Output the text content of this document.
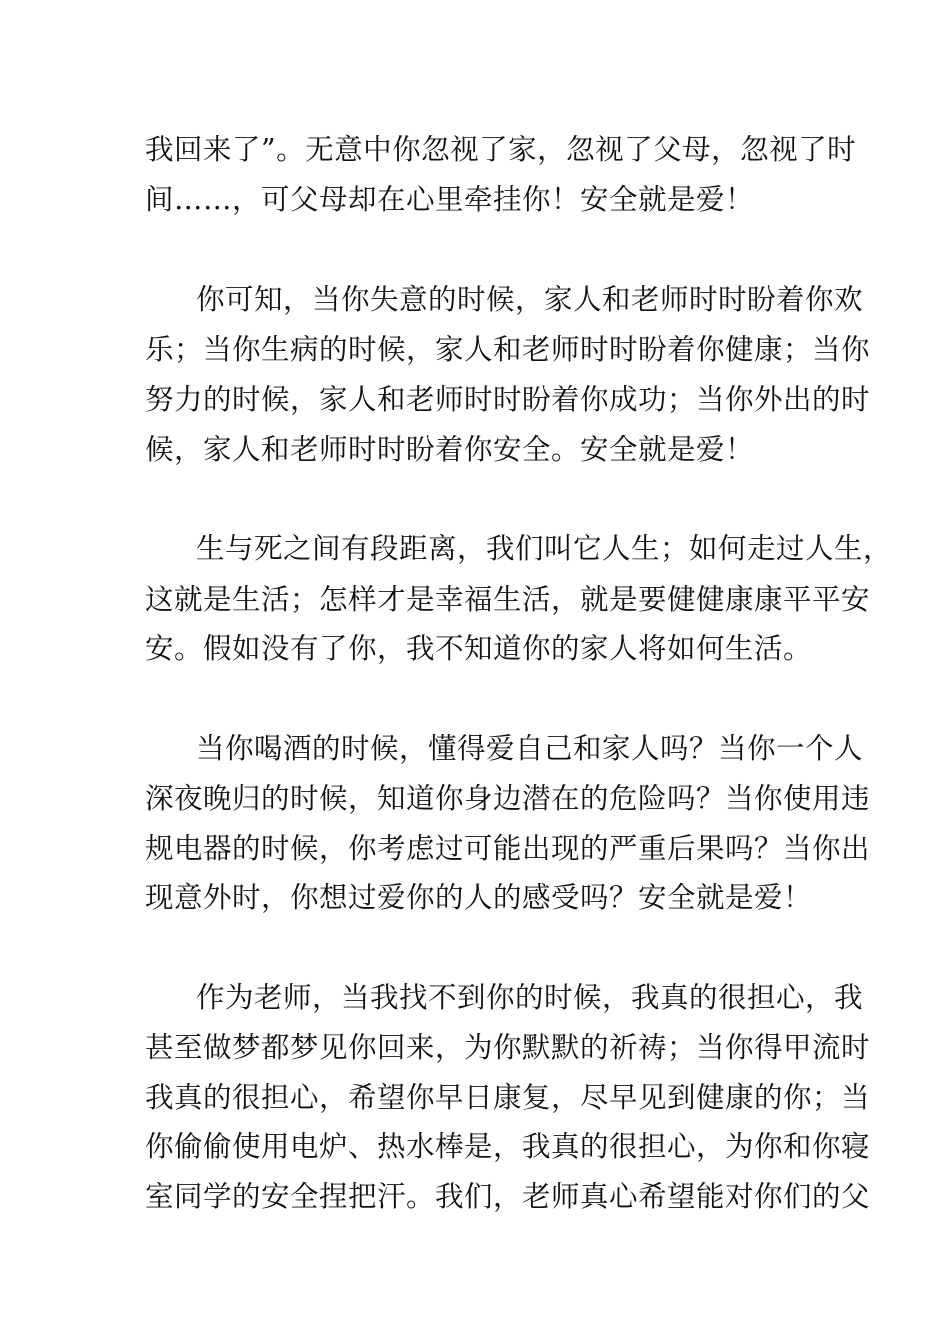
我回来了”。无意中你忽视了家，忽视了父母，忽视了时
间……，可父母却在心里牵挂你！安全就是爱！
你可知，当你失意的时候，家人和老师时时盼着你欢
乐；当你生病的时候，家人和老师时时盼着你健康；当你
努力的时候，家人和老师时时盼着你成功；当你外出的时
候，家人和老师时时盼着你安全。安全就是爱！
生与死之间有段距离，我们叫它人生；如何走过人生，
这就是生活；怎样才是幸福生活，就是要健健康康平平安
安。假如没有了你，我不知道你的家人将如何生活。
当你喝酒的时候，懂得爱自己和家人吗？当你一个人
深夜晚归的时候，知道你身边潜在的危险吗？当你使用违
规电器的时候，你考虑过可能出现的严重后果吗？当你出
现意外时，你想过爱你的人的感受吗？安全就是爱！
作为老师，当我找不到你的时候，我真的很担心，我
甚至做梦都梦见你回来，为你默默的祈祷；当你得甲流时
我真的很担心，希望你早日康复，尽早见到健康的你；当
你偷偷使用电炉、热水棒是，我真的很担心，为你和你寝
室同学的安全捏把汗。我们，老师真心希望能对你们的父
